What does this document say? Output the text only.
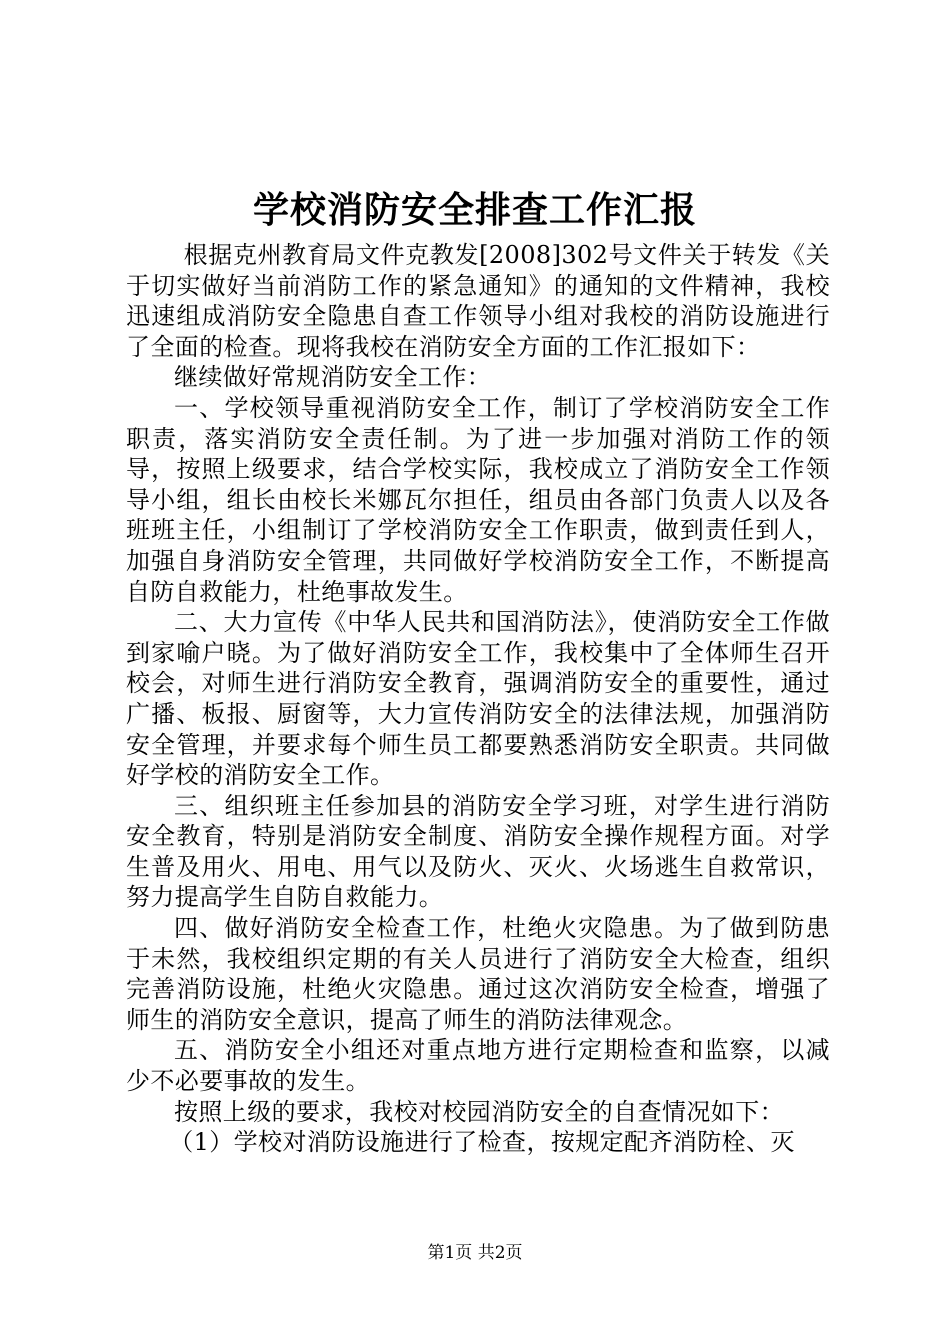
学校消防安全排查工作汇报

根据克州教育局文件克教发[2008]302号文件关于转发《关于切实做好当前消防工作的紧急通知》的通知的文件精神，我校迅速组成消防安全隐患自查工作领导小组对我校的消防设施进行了全面的检查。现将我校在消防安全方面的工作汇报如下：

继续做好常规消防安全工作：

一、学校领导重视消防安全工作，制订了学校消防安全工作职责，落实消防安全责任制。为了进一步加强对消防工作的领导，按照上级要求，结合学校实际，我校成立了消防安全工作领导小组，组长由校长米娜瓦尔担任，组员由各部门负责人以及各班班主任，小组制订了学校消防安全工作职责，做到责任到人，加强自身消防安全管理，共同做好学校消防安全工作，不断提高自防自救能力，杜绝事故发生。

二、大力宣传《中华人民共和国消防法》，使消防安全工作做到家喻户晓。为了做好消防安全工作，我校集中了全体师生召开校会，对师生进行消防安全教育，强调消防安全的重要性，通过广播、板报、厨窗等，大力宣传消防安全的法律法规，加强消防安全管理，并要求每个师生员工都要熟悉消防安全职责。共同做好学校的消防安全工作。

三、组织班主任参加县的消防安全学习班，对学生进行消防安全教育，特别是消防安全制度、消防安全操作规程方面。对学生普及用火、用电、用气以及防火、灭火、火场逃生自救常识，努力提高学生自防自救能力。

四、做好消防安全检查工作，杜绝火灾隐患。为了做到防患于未然，我校组织定期的有关人员进行了消防安全大检查，组织完善消防设施，杜绝火灾隐患。通过这次消防安全检查，增强了师生的消防安全意识，提高了师生的消防法律观念。

五、消防安全小组还对重点地方进行定期检查和监察，以减少不必要事故的发生。

按照上级的要求，我校对校园消防安全的自查情况如下：

（1）学校对消防设施进行了检查，按规定配齐消防栓、灭

第1页 共2页
